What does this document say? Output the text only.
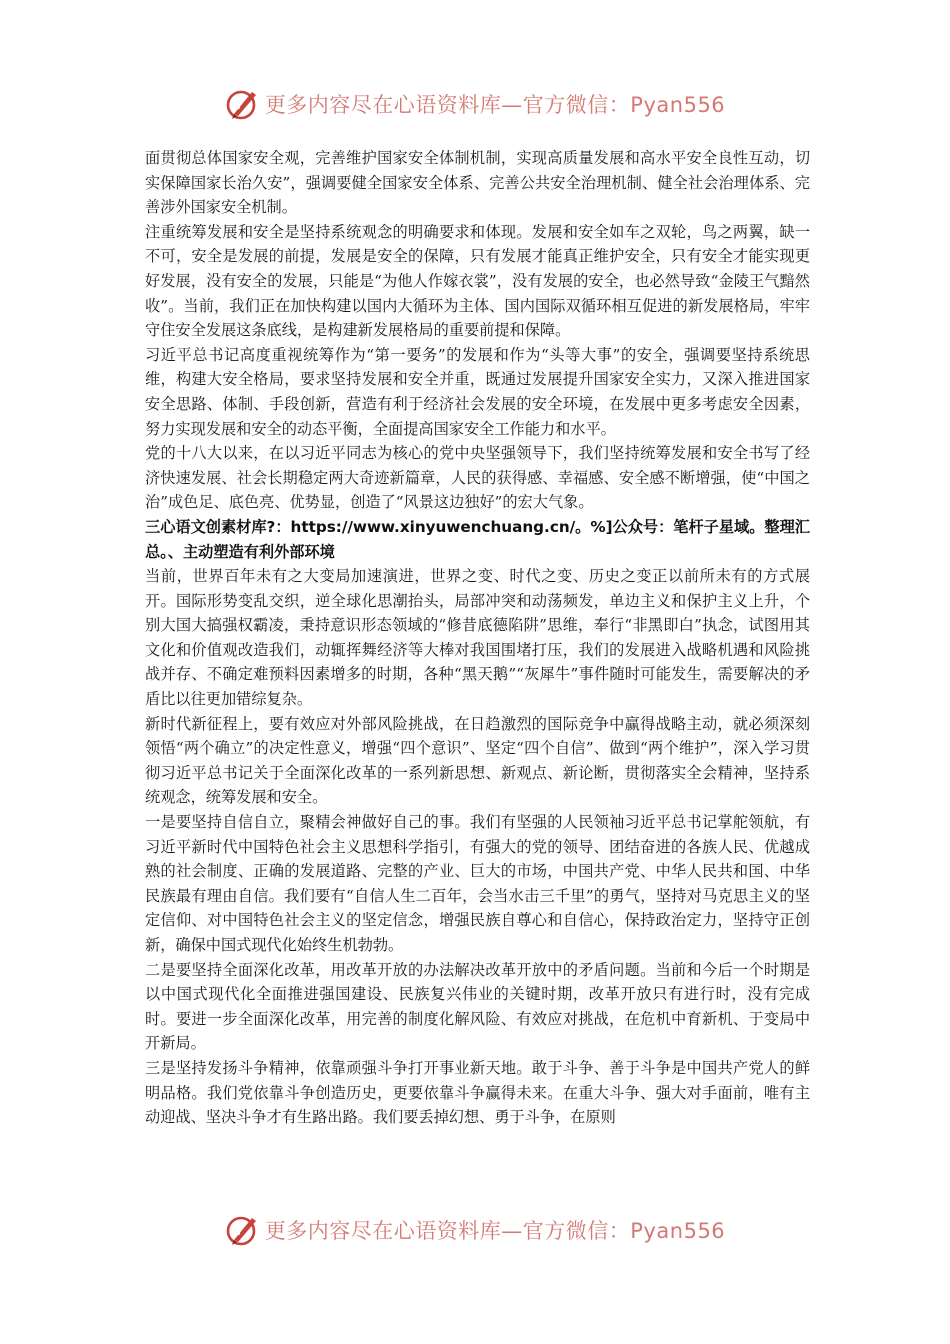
更多内容尽在心语资料库—官方微信：Pyan556

面贯彻总体国家安全观，完善维护国家安全体制机制，实现高质量发展和高水平安全良性互动，切实保障国家长治久安”，强调要健全国家安全体系、完善公共安全治理机制、健全社会治理体系、完善涉外国家安全机制。

注重统筹发展和安全是坚持系统观念的明确要求和体现。发展和安全如车之双轮，鸟之两翼，缺一不可，安全是发展的前提，发展是安全的保障，只有发展才能真正维护安全，只有安全才能实现更好发展，没有安全的发展，只能是“为他人作嫁衣裳”，没有发展的安全，也必然导致“金陵王气黯然收”。当前，我们正在加快构建以国内大循环为主体、国内国际双循环相互促进的新发展格局，牢牢守住安全发展这条底线，是构建新发展格局的重要前提和保障。

习近平总书记高度重视统筹作为“第一要务”的发展和作为“头等大事”的安全，强调要坚持系统思维，构建大安全格局，要求坚持发展和安全并重，既通过发展提升国家安全实力，又深入推进国家安全思路、体制、手段创新，营造有利于经济社会发展的安全环境，在发展中更多考虑安全因素，努力实现发展和安全的动态平衡，全面提高国家安全工作能力和水平。

党的十八大以来，在以习近平同志为核心的党中央坚强领导下，我们坚持统筹发展和安全书写了经济快速发展、社会长期稳定两大奇迹新篇章，人民的获得感、幸福感、安全感不断增强，使“中国之治”成色足、底色亮、优势显，创造了“风景这边独好”的宏大气象。

三心语文创素材库?：https://www.xinyuwenchuang.cn/。%]公众号：笔杆子星域。整理汇总。、主动塑造有利外部环境

当前，世界百年未有之大变局加速演进，世界之变、时代之变、历史之变正以前所未有的方式展开。国际形势变乱交织，逆全球化思潮抬头，局部冲突和动荡频发，单边主义和保护主义上升，个别大国大搞强权霸凌，秉持意识形态领域的“修昔底德陷阱”思维，奉行“非黑即白”执念，试图用其文化和价值观改造我们，动辄挥舞经济等大棒对我国围堵打压，我们的发展进入战略机遇和风险挑战并存、不确定难预料因素增多的时期，各种“黑天鹅”“灰犀牛”事件随时可能发生，需要解决的矛盾比以往更加错综复杂。

新时代新征程上，要有效应对外部风险挑战，在日趋激烈的国际竞争中赢得战略主动，就必须深刻领悟“两个确立”的决定性意义，增强“四个意识”、坚定“四个自信”、做到“两个维护”，深入学习贯彻习近平总书记关于全面深化改革的一系列新思想、新观点、新论断，贯彻落实全会精神，坚持系统观念，统筹发展和安全。

一是要坚持自信自立，聚精会神做好自己的事。我们有坚强的人民领袖习近平总书记掌舵领航，有习近平新时代中国特色社会主义思想科学指引，有强大的党的领导、团结奋进的各族人民、优越成熟的社会制度、正确的发展道路、完整的产业、巨大的市场，中国共产党、中华人民共和国、中华民族最有理由自信。我们要有“自信人生二百年，会当水击三千里”的勇气，坚持对马克思主义的坚定信仰、对中国特色社会主义的坚定信念，增强民族自尊心和自信心，保持政治定力，坚持守正创新，确保中国式现代化始终生机勃勃。

二是要坚持全面深化改革，用改革开放的办法解决改革开放中的矛盾问题。当前和今后一个时期是以中国式现代化全面推进强国建设、民族复兴伟业的关键时期，改革开放只有进行时，没有完成时。要进一步全面深化改革，用完善的制度化解风险、有效应对挑战，在危机中育新机、于变局中开新局。

三是坚持发扬斗争精神，依靠顽强斗争打开事业新天地。敢于斗争、善于斗争是中国共产党人的鲜明品格。我们党依靠斗争创造历史，更要依靠斗争赢得未来。在重大斗争、强大对手面前，唯有主动迎战、坚决斗争才有生路出路。我们要丢掉幻想、勇于斗争，在原则

更多内容尽在心语资料库—官方微信：Pyan556
